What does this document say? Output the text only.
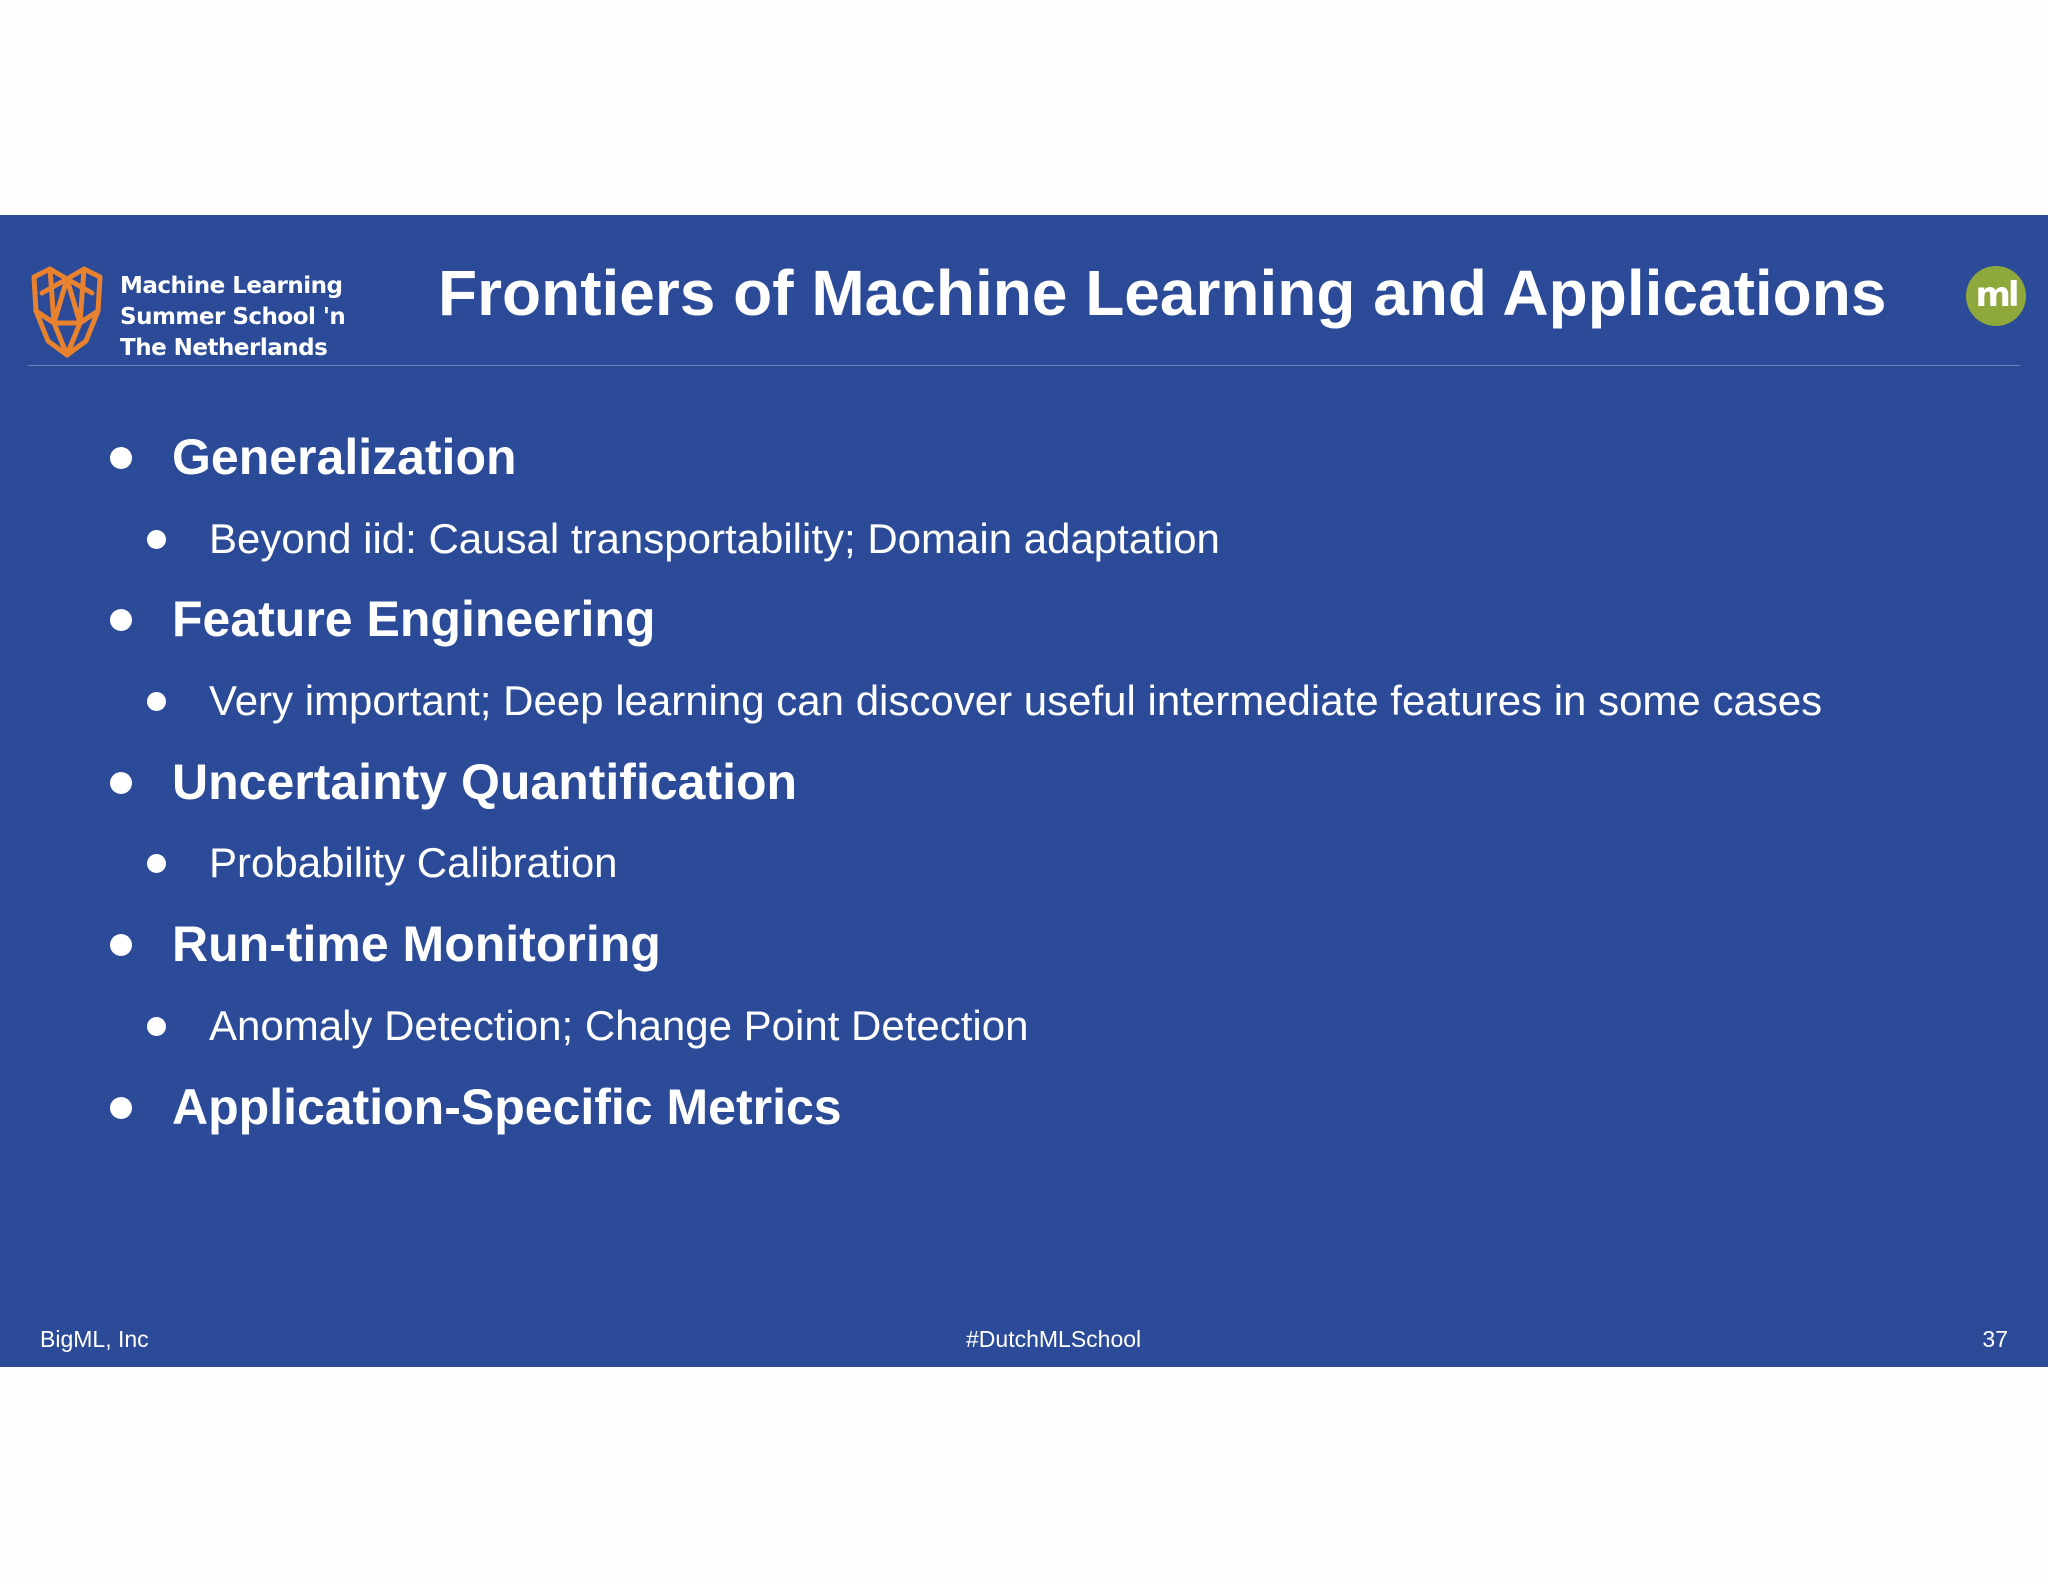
Machine Learning
Summer School 'n
The Netherlands
Frontiers of Machine Learning and Applications	ml
Generalization
Beyond iid: Causal transportability; Domain adaptation
Feature Engineering
Very important; Deep learning can discover useful intermediate features in some cases
Uncertainty Quantification
Probability Calibration
Run-time Monitoring
Anomaly Detection; Change Point Detection
Application-Specific Metrics
BigML, Inc	#DutchMLSchool	37
